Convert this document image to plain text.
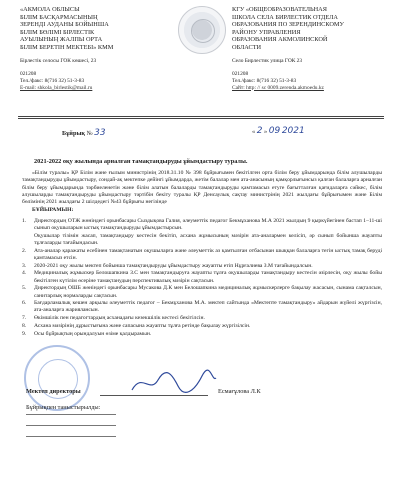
«АКМОЛА ОБЛЫСЫ
БІЛІМ БАСҚАРМАСЫНЫҢ
ЗЕРЕНДІ АУДАНЫ БОЙЫНША
БІЛІМ БӨЛІМІ БІРЛЕСТІК
АУЫЛЫНЫҢ ЖАЛПЫ ОРТА
БІЛІМ БЕРЕТІН МЕКТЕБІ» КММ
Бірлестік селосы ГОК көшесі, 23
021208
Тел./факс: 8(716 32) 51-3-83
E-mail: shkola_birlestik@mail.ru
КГУ «ОБЩЕОБРАЗОВАТЕЛЬНАЯ
ШКОЛА СЕЛА БИРЛЕСТИК ОТДЕЛА
ОБРАЗОВАНИЯ ПО ЗЕРЕНДИНСКОМУ
РАЙОНУ УПРАВЛЕНИЯ
ОБРАЗОВАНИЯ АКМОЛИНСКОЙ
ОБЛАСТИ
Село Бирлестик улица ГОК 23
021208
Тел./факс: 8(716 32) 51-3-83
Сайт: http: // sc 0009.zerenda.akmoedu.kz
Бұйрық № 33	« 2 » 09 2021
2021-2022 оқу жылында арналған тамақтандыруды ұйымдастыру туралы.

«Білім туралы» ҚР Білім және ғылым министрінің 2018.31.10 № 398 бұйрығымен бекітілген орта білім беру ұйымдарында білім алушыларды тамақтандыруды ұйымдастыру, сондай-ақ мектепке дейінгі ұйымдарда, жетім балалар мен ата-анасының қамқорлығынсыз қалған балаларға арналған білім беру ұйымдарында тәрбиеленетін және білім алатын балаларды тамақтандыруды қамтамасыз етуге бағытталған қағидаларға сәйкес, білім алушыларды тамақтандыруды ұйымдастыру тәртібін бекіту туралы ҚР Денсаулық сақтау министрінің 2021 жылдағы бұйрығымен және Білім бөлімінің 2021 жылдағы 2 шілдедегі №43 бұйрығы негізінде

БҰЙЫРАМЫН:

1.	Директордың ОТЖ жөніндегі орынбасары Сыздықова Галия, әлеуметтік педагог Бекмұханова М.А 2021 жылдың 9 қыркүйегінен бастап 1–11-ші сынып оқушыларын ыстық тамақтандыруды ұйымдастырсын.
Оқушылар тізімін жасап, тамақтандыру кестесін бекітіп, асхана жұмысының мәзірін ата-аналармен келісіп, әр сынып бойынша жауапты тұлғаларды тағайындасын.
2.	Ата-аналар қаражаты есебінен тамақтанатын оқушыларға және әлеуметтік аз қамтылған отбасынан шыққан балаларға тегін ыстық тамақ беруді қамтамасыз етсін.
3.	2020-2021 оқу жылы мектеп бойынша тамақтандыруды ұйымдастыру жауапты етіп Нұрғалиева З.М тағайындалсын.
4.	Медициналық жұмыскер Белошапкина З.С мен тамақтандыруға жауапты тұлға оқушыларды тамақтандыру кестесін әзірлесін, оқу жылы бойы бекітілген күтілім өсеріне тамақтанудың перспективалық мәзірін сақтасын.
5.	Директордың ОШБ жөніндегі орынбасары Мусакова Д.К мен Белошапкина медициналық жұмыскерлерге бақылау жасасын, сынама сақталсын, санитарлық нормаларды сақтасын.
6.	Бағдарламалық кешен арқылы әлеуметтік педагог – Бекмұханова М.А. мектеп сайтында «Мектепте тамақтандыру» айдарын жүйелі жүргізсін, ата-аналарға жариялансын.
7.	Өкімшілік пен педагогтардың асханадағы кезекшілік кестесі бекітілсін.
8.	Асхана мәзірінің дұрыстығына және сапасына жауапты тұлға ретінде бақылау жүргізілсін.
9.	Осы бұйрықтың орындалуын өзіме қалдырамын.
Мектеп директоры	Есмағұлова Л.К
Бұйрықпен таныстырылды:
